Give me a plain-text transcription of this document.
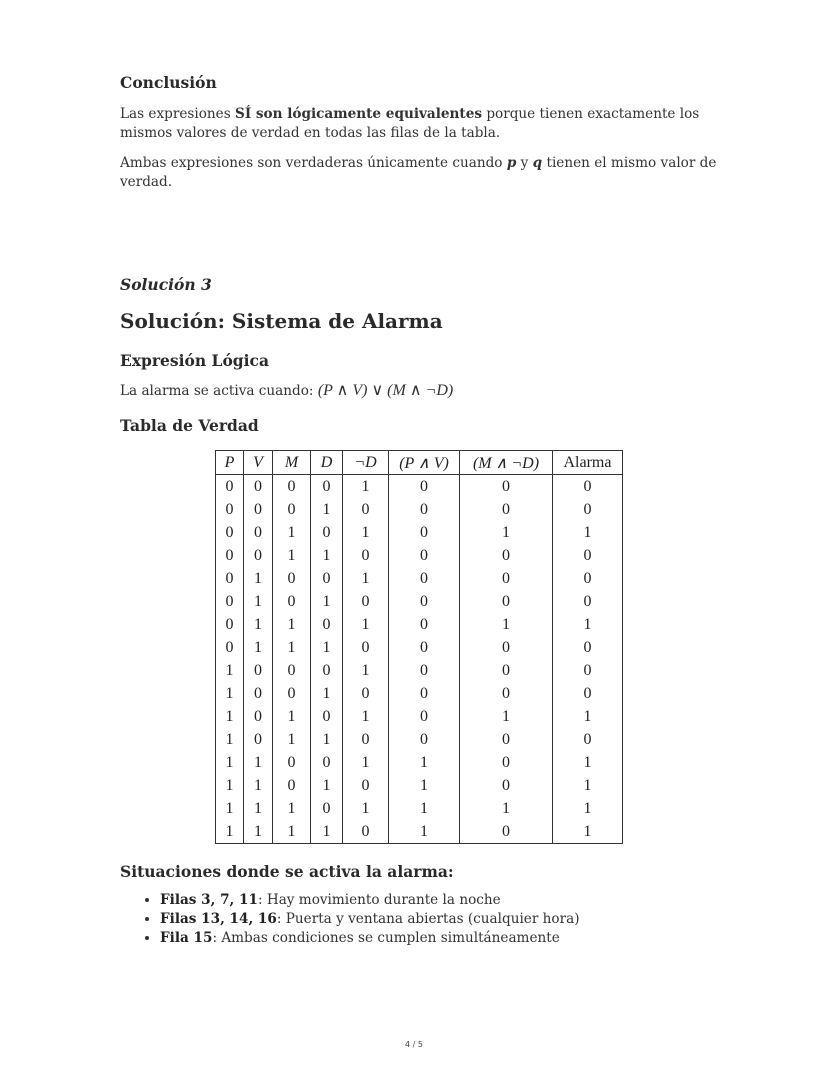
Conclusión
Las expresiones SÍ son lógicamente equivalentes porque tienen exactamente los mismos valores de verdad en todas las filas de la tabla.
Ambas expresiones son verdaderas únicamente cuando p y q tienen el mismo valor de verdad.
Solución 3
Solución: Sistema de Alarma
Expresión Lógica
La alarma se activa cuando: (P ∧ V) ∨ (M ∧ ¬D)
Tabla de Verdad
P	V	M	D	¬D	(P ∧ V)	(M ∧ ¬D)	Alarma
0	0	0	0	1	0	0	0
0	0	0	1	0	0	0	0
0	0	1	0	1	0	1	1
0	0	1	1	0	0	0	0
0	1	0	0	1	0	0	0
0	1	0	1	0	0	0	0
0	1	1	0	1	0	1	1
0	1	1	1	0	0	0	0
1	0	0	0	1	0	0	0
1	0	0	1	0	0	0	0
1	0	1	0	1	0	1	1
1	0	1	1	0	0	0	0
1	1	0	0	1	1	0	1
1	1	0	1	0	1	0	1
1	1	1	0	1	1	1	1
1	1	1	1	0	1	0	1
Situaciones donde se activa la alarma:
• Filas 3, 7, 11: Hay movimiento durante la noche
• Filas 13, 14, 16: Puerta y ventana abiertas (cualquier hora)
• Fila 15: Ambas condiciones se cumplen simultáneamente
4 / 5
